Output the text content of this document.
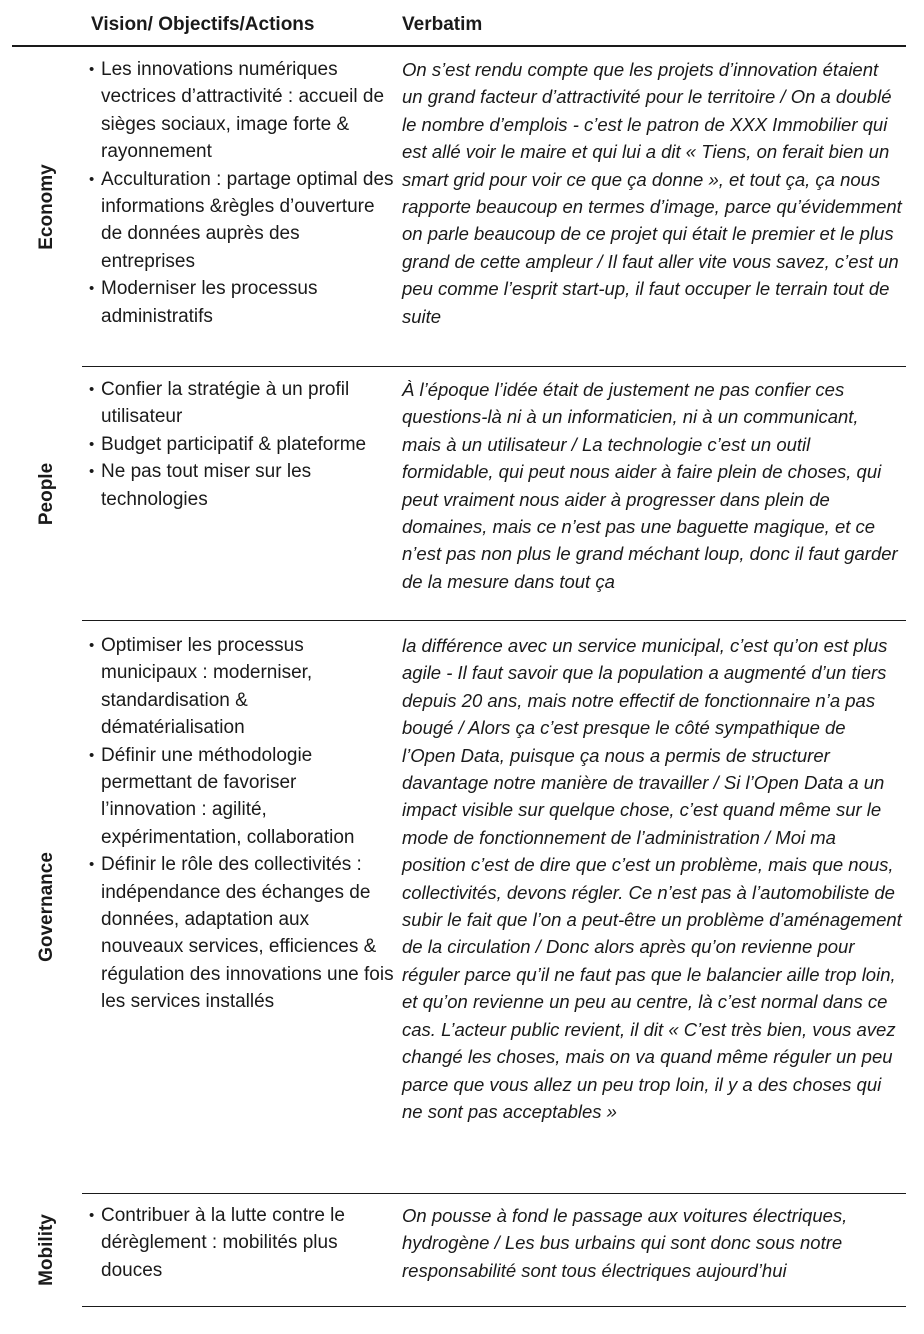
Vision/ Objectifs/Actions	Verbatim
Economy
• Les innovations numériques vectrices d’attractivité : accueil de sièges sociaux, image forte & rayonnement
• Acculturation : partage optimal des informations &règles d’ouverture de données auprès des entreprises
• Moderniser les processus administratifs

On s’est rendu compte que les projets d’innovation étaient un grand facteur d’attractivité pour le territoire / On a doublé le nombre d’emplois - c’est le patron de XXX Immobilier qui est allé voir le maire et qui lui a dit « Tiens, on ferait bien un smart grid pour voir ce que ça donne », et tout ça, ça nous rapporte beaucoup en termes d’image, parce qu’évidemment on parle beaucoup de ce projet qui était le premier et le plus grand de cette ampleur / Il faut aller vite vous savez, c’est un peu comme l’esprit start-up, il faut occuper le terrain tout de suite

People
• Confier la stratégie à un profil utilisateur
• Budget participatif & plateforme
• Ne pas tout miser sur les technologies

À l’époque l’idée était de justement ne pas confier ces questions-là ni à un informaticien, ni à un communicant, mais à un utilisateur / La technologie c’est un outil formidable, qui peut nous aider à faire plein de choses, qui peut vraiment nous aider à progresser dans plein de domaines, mais ce n’est pas une baguette magique, et ce n’est pas non plus le grand méchant loup, donc il faut garder de la mesure dans tout ça

Governance
• Optimiser les processus municipaux : moderniser, standardisation & dématérialisation
• Définir une méthodologie permettant de favoriser l’innovation : agilité, expérimentation, collaboration
• Définir le rôle des collectivités : indépendance des échanges de données, adaptation aux nouveaux services, efficiences & régulation des innovations une fois les services installés

la différence avec un service municipal, c’est qu’on est plus agile - Il faut savoir que la population a augmenté d’un tiers depuis 20 ans, mais notre effectif de fonctionnaire n’a pas bougé / Alors ça c’est presque le côté sympathique de l’Open Data, puisque ça nous a permis de structurer davantage notre manière de travailler / Si l’Open Data a un impact visible sur quelque chose, c’est quand même sur le mode de fonctionnement de l’administration / Moi ma position c’est de dire que c’est un problème, mais que nous, collectivités, devons régler. Ce n’est pas à l’automobiliste de subir le fait que l’on a peut-être un problème d’aménagement de la circulation / Donc alors après qu’on revienne pour réguler parce qu’il ne faut pas que le balancier aille trop loin, et qu’on revienne un peu au centre, là c’est normal dans ce cas. L’acteur public revient, il dit « C’est très bien, vous avez changé les choses, mais on va quand même réguler un peu parce que vous allez un peu trop loin, il y a des choses qui ne sont pas acceptables »

Mobility
•	Contribuer à la lutte contre le dérèglement : mobilités plus douces

On pousse à fond le passage aux voitures électriques, hydrogène / Les bus urbains qui sont donc sous notre responsabilité sont tous électriques aujourd’hui
